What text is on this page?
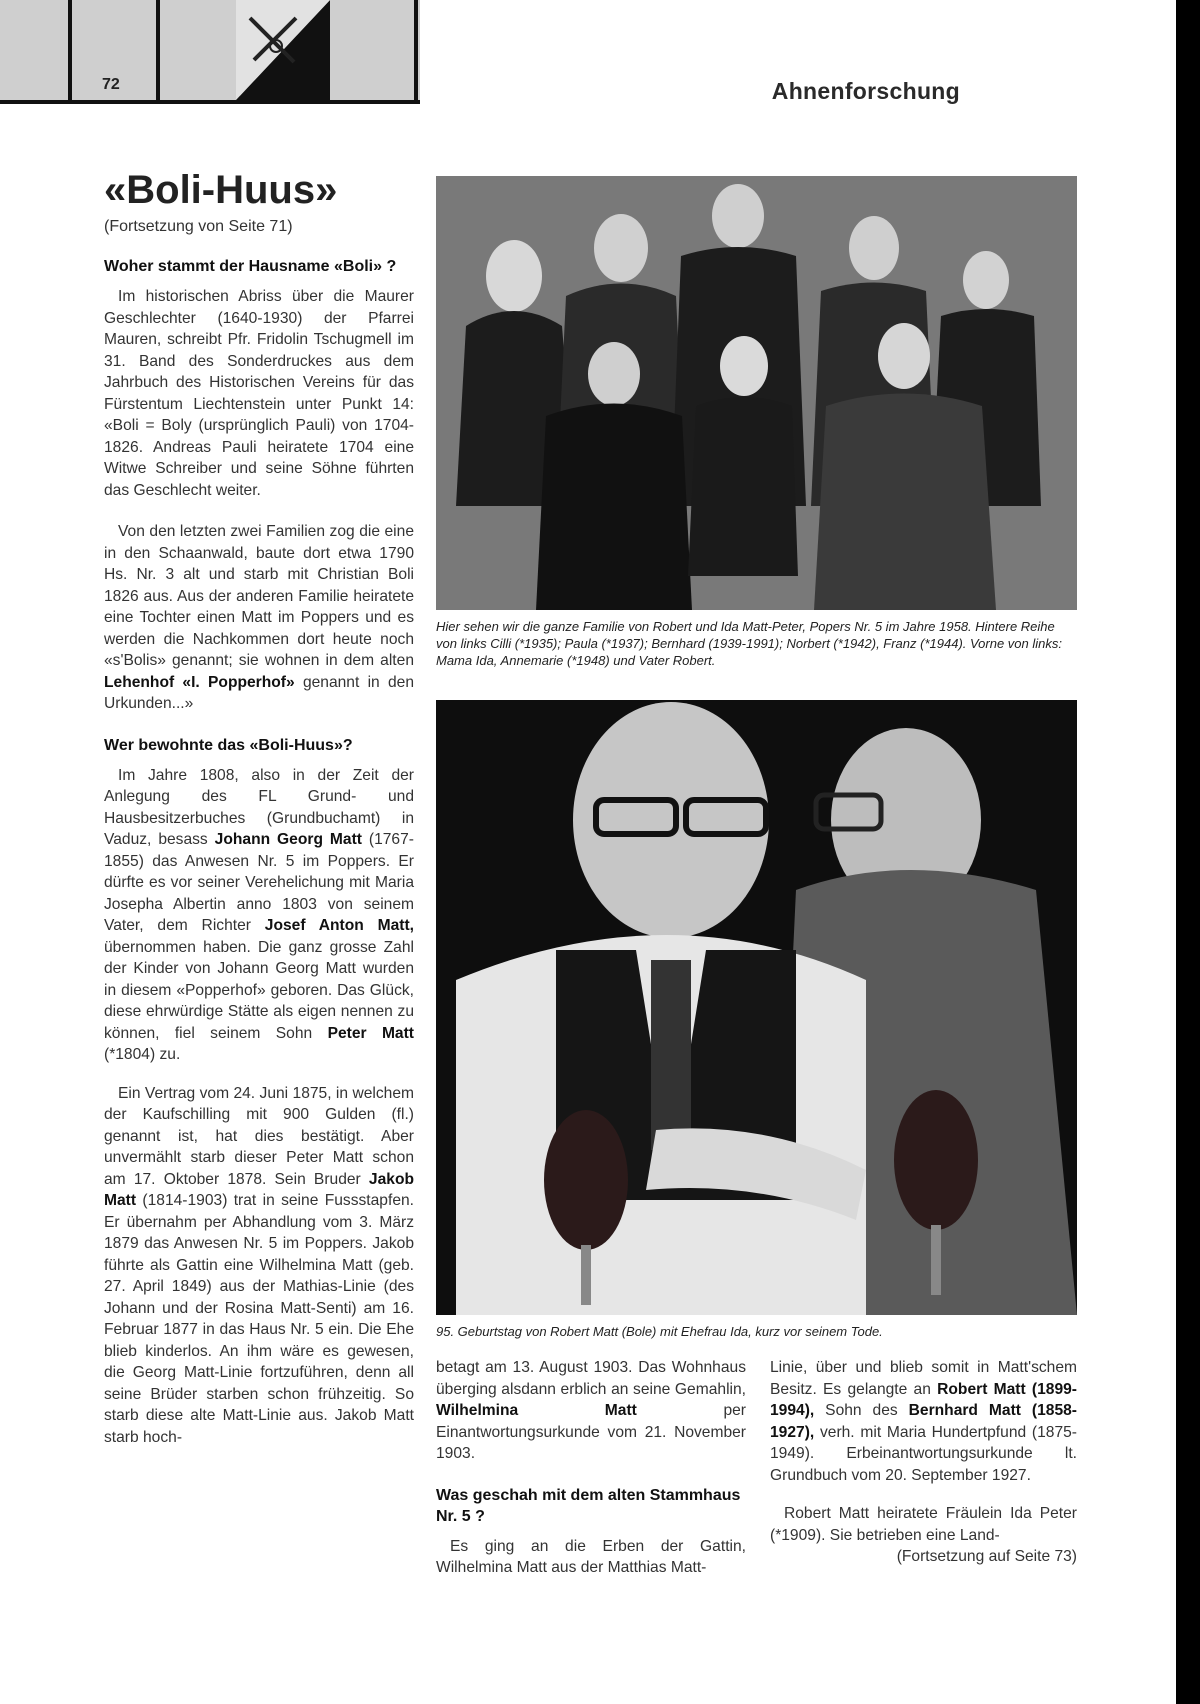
72	Ahnenforschung
«Boli-Huus»

(Fortsetzung von Seite 71)

Woher stammt der Hausname «Boli» ?

Im historischen Abriss über die Maurer Geschlechter (1640-1930) der Pfarrei Mauren, schreibt Pfr. Fridolin Tschugmell im 31. Band des Sonderdruckes aus dem Jahrbuch des Historischen Vereins für das Fürstentum Liechtenstein unter Punkt 14: «Boli = Boly (ursprünglich Pauli) von 1704-1826. Andreas Pauli heiratete 1704 eine Witwe Schreiber und seine Söhne führten das Geschlecht weiter.

Von den letzten zwei Familien zog die eine in den Schaanwald, baute dort etwa 1790 Hs. Nr. 3 alt und starb mit Christian Boli 1826 aus. Aus der anderen Familie heiratete eine Tochter einen Matt im Poppers und es werden die Nachkommen dort heute noch «s'Bolis» genannt; sie wohnen in dem alten Lehenhof «I. Popperhof» genannt in den Urkunden...»

Wer bewohnte das «Boli-Huus»?

Im Jahre 1808, also in der Zeit der Anlegung des FL Grund- und Hausbesitzerbuches (Grundbuchamt) in Vaduz, besass Johann Georg Matt (1767-1855) das Anwesen Nr. 5 im Poppers. Er dürfte es vor seiner Verehelichung mit Maria Josepha Albertin anno 1803 von seinem Vater, dem Richter Josef Anton Matt, übernommen haben. Die ganz grosse Zahl der Kinder von Johann Georg Matt wurden in diesem «Popperhof» geboren. Das Glück, diese ehrwürdige Stätte als eigen nennen zu können, fiel seinem Sohn Peter Matt (*1804) zu.

Ein Vertrag vom 24. Juni 1875, in welchem der Kaufschilling mit 900 Gulden (fl.) genannt ist, hat dies bestätigt. Aber unvermählt starb dieser Peter Matt schon am 17. Oktober 1878. Sein Bruder Jakob Matt (1814-1903) trat in seine Fussstapfen. Er übernahm per Abhandlung vom 3. März 1879 das Anwesen Nr. 5 im Poppers. Jakob führte als Gattin eine Wilhelmina Matt (geb. 27. April 1849) aus der Mathias-Linie (des Johann und der Rosina Matt-Senti) am 16. Februar 1877 in das Haus Nr. 5 ein. Die Ehe blieb kinderlos. An ihm wäre es gewesen, die Georg Matt-Linie fortzuführen, denn all seine Brüder starben schon frühzeitig. So starb diese alte Matt-Linie aus. Jakob Matt starb hoch-

Hier sehen wir die ganze Familie von Robert und Ida Matt-Peter, Popers Nr. 5 im Jahre 1958. Hintere Reihe von links Cilli (*1935); Paula (*1937); Bernhard (1939-1991); Norbert (*1942), Franz (*1944). Vorne von links: Mama Ida, Annemarie (*1948) und Vater Robert.
95. Geburtstag von Robert Matt (Bole) mit Ehefrau Ida, kurz vor seinem Tode.

betagt am 13. August 1903. Das Wohnhaus überging alsdann erblich an seine Gemahlin, Wilhelmina Matt	per Einantwortungsurkunde vom 21. November 1903.

Was geschah mit dem alten Stammhaus Nr. 5 ?

Es ging an die Erben der Gattin, Wilhelmina Matt aus der Matthias Matt-

Linie, über und blieb somit in Matt'schem Besitz. Es gelangte an Robert Matt (1899-1994), Sohn des Bernhard Matt (1858-1927), verh. mit Maria Hundertpfund (1875-1949). Erbeinantwortungsurkunde lt. Grundbuch vom 20. September 1927.

Robert Matt heiratete Fräulein Ida Peter (*1909). Sie betrieben eine Land-

(Fortsetzung auf Seite 73)
